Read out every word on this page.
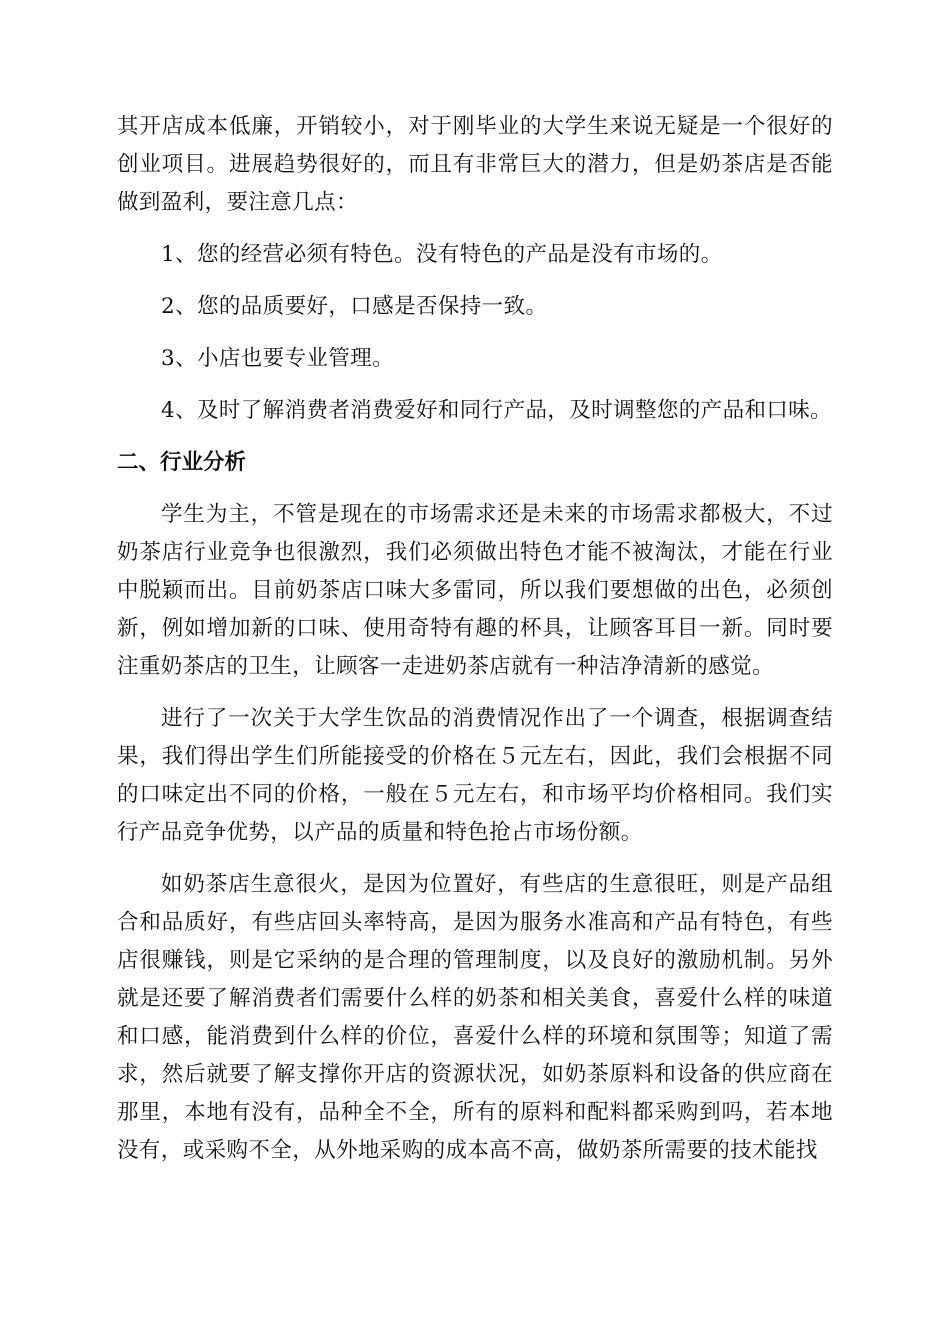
其开店成本低廉，开销较小，对于刚毕业的大学生来说无疑是一个很好的创业项目。进展趋势很好的，而且有非常巨大的潜力，但是奶茶店是否能做到盈利，要注意几点：

1、您的经营必须有特色。没有特色的产品是没有市场的。

2、您的品质要好，口感是否保持一致。

3、小店也要专业管理。

4、及时了解消费者消费爱好和同行产品，及时调整您的产品和口味。

二、行业分析

学生为主，不管是现在的市场需求还是未来的市场需求都极大，不过奶茶店行业竞争也很激烈，我们必须做出特色才能不被淘汰，才能在行业中脱颖而出。目前奶茶店口味大多雷同，所以我们要想做的出色，必须创新，例如增加新的口味、使用奇特有趣的杯具，让顾客耳目一新。同时要注重奶茶店的卫生，让顾客一走进奶茶店就有一种洁净清新的感觉。

进行了一次关于大学生饮品的消费情况作出了一个调查，根据调查结果，我们得出学生们所能接受的价格在５元左右，因此，我们会根据不同的口味定出不同的价格，一般在５元左右，和市场平均价格相同。我们实行产品竞争优势，以产品的质量和特色抢占市场份额。

如奶茶店生意很火，是因为位置好，有些店的生意很旺，则是产品组合和品质好，有些店回头率特高，是因为服务水准高和产品有特色，有些店很赚钱，则是它采纳的是合理的管理制度，以及良好的激励机制。另外就是还要了解消费者们需要什么样的奶茶和相关美食，喜爱什么样的味道和口感，能消费到什么样的价位，喜爱什么样的环境和氛围等；知道了需求，然后就要了解支撑你开店的资源状况，如奶茶原料和设备的供应商在那里，本地有没有，品种全不全，所有的原料和配料都采购到吗，若本地没有，或采购不全，从外地采购的成本高不高，做奶茶所需要的技术能找
